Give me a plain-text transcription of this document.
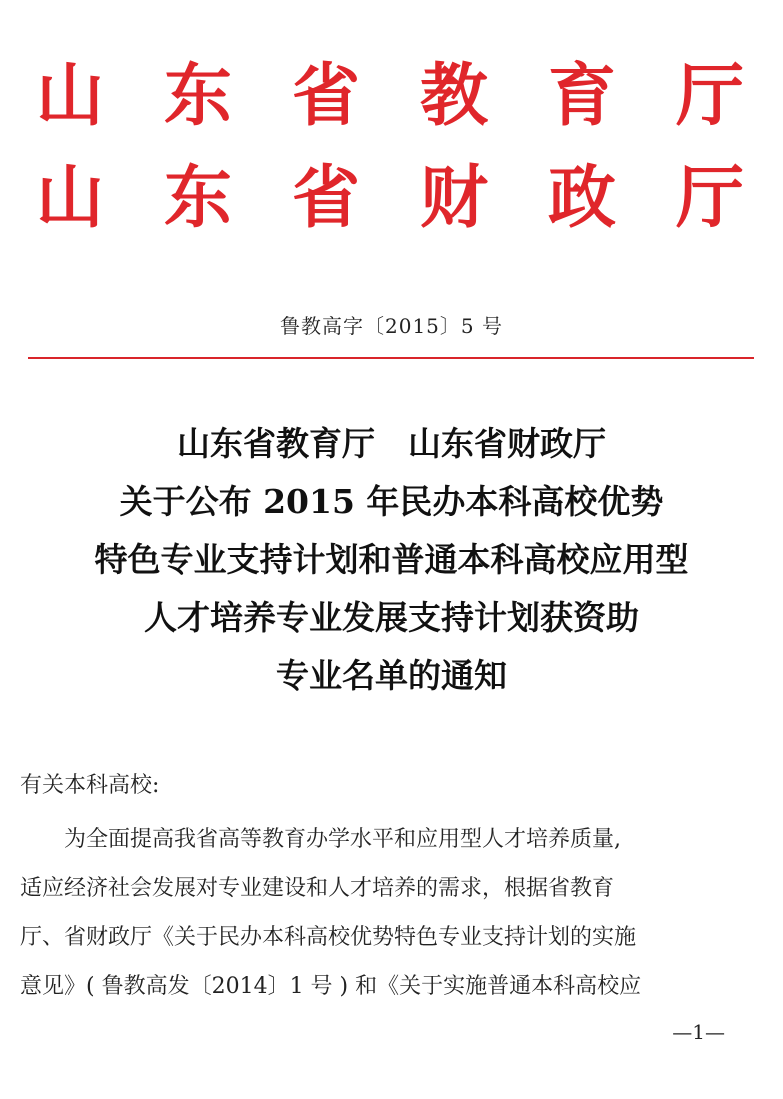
山 东 省 教 育 厅
山 东 省 财 政 厅
鲁教高字〔2015〕5 号
山东省教育厅　山东省财政厅
关于公布 2015 年民办本科高校优势
特色专业支持计划和普通本科高校应用型
人才培养专业发展支持计划获资助
专业名单的通知
有关本科高校:
为全面提高我省高等教育办学水平和应用型人才培养质量,
适应经济社会发展对专业建设和人才培养的需求，根据省教育
厅、省财政厅《关于民办本科高校优势特色专业支持计划的实施
意见》( 鲁教高发〔2014〕1 号 ) 和《关于实施普通本科高校应
—1—
